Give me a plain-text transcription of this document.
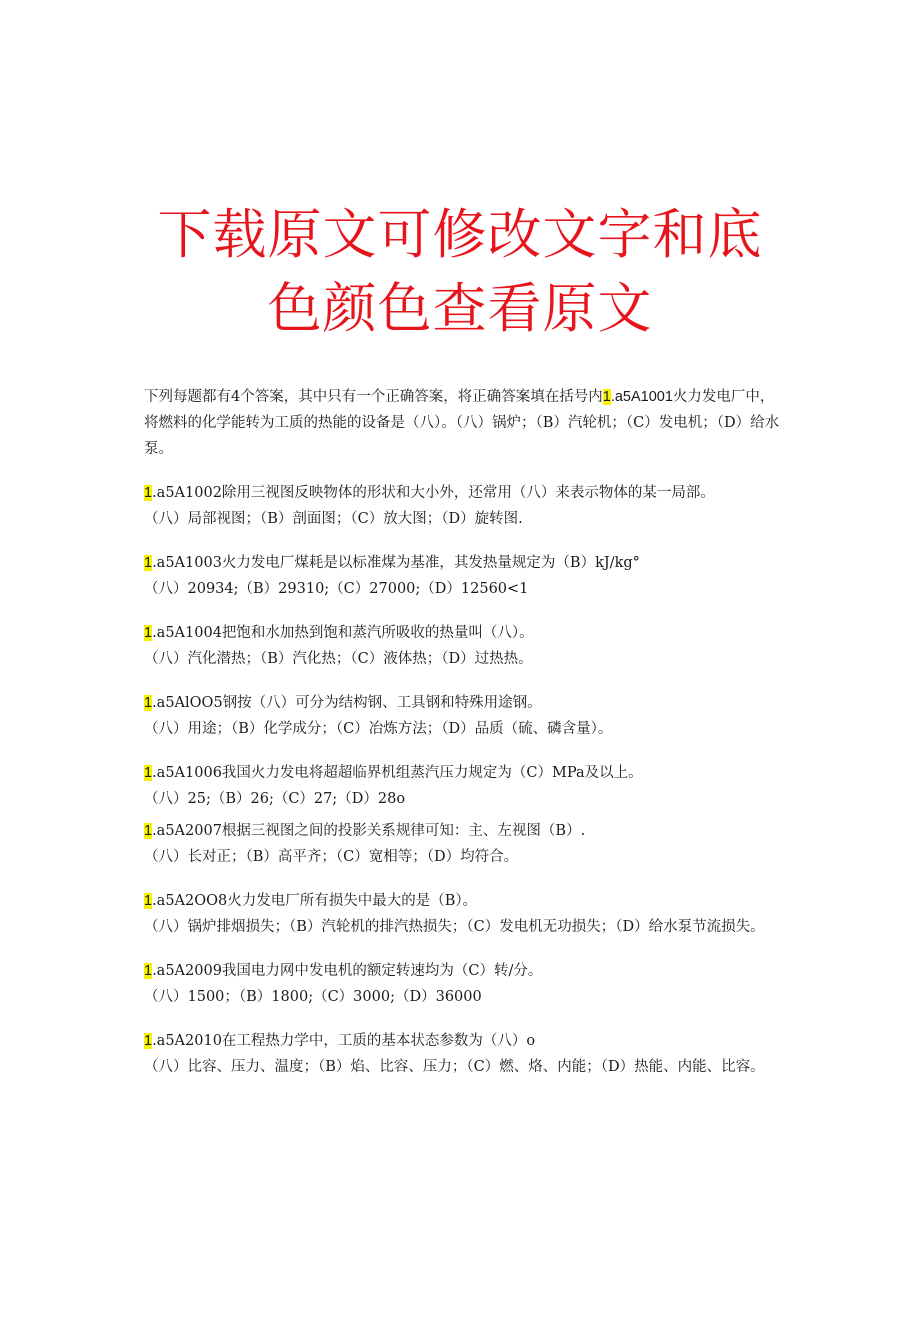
下载原文可修改文字和底
色颜色查看原文

下列每题都有4个答案，其中只有一个正确答案，将正确答案填在括号内1.a5A1001火力发电厂中，将燃料的化学能转为工质的热能的设备是（八）。（八）锅炉；（B）汽轮机；（C）发电机；（D）给水泵。

1.a5A1002除用三视图反映物体的形状和大小外，还常用（八）来表示物体的某一局部。

（八）局部视图；（B）剖面图；（C）放大图；（D）旋转图.

1.a5A1003火力发电厂煤耗是以标准煤为基准，其发热量规定为（B）kJ∕kg°

（八）20934;（B）29310;（C）27000;（D）12560<1

1.a5A1004把饱和水加热到饱和蒸汽所吸收的热量叫（八）。

（八）汽化潜热；（B）汽化热；（C）液体热；（D）过热热。

1.a5AlOO5钢按（八）可分为结构钢、工具钢和特殊用途钢。

（八）用途；（B）化学成分；（C）冶炼方法；（D）品质（硫、磷含量）。

1.a5A1006我国火力发电将超超临界机组蒸汽压力规定为（C）MPa及以上。

（八）25;（B）26;（C）27;（D）28o

1.a5A2007根据三视图之间的投影关系规律可知：主、左视图（B）.

（八）长对正；（B）高平齐；（C）宽相等；（D）均符合。

1.a5A2OO8火力发电厂所有损失中最大的是（B）。

（八）锅炉排烟损失；（B）汽轮机的排汽热损失；（C）发电机无功损失；（D）给水泵节流损失。

1.a5A2009我国电力网中发电机的额定转速均为（C）转/分。

（八）1500；（B）1800;（C）3000;（D）36000

1.a5A2010在工程热力学中，工质的基本状态参数为（八）o

（八）比容、压力、温度；（B）焰、比容、压力；（C）燃、烙、内能；（D）热能、内能、比容。
